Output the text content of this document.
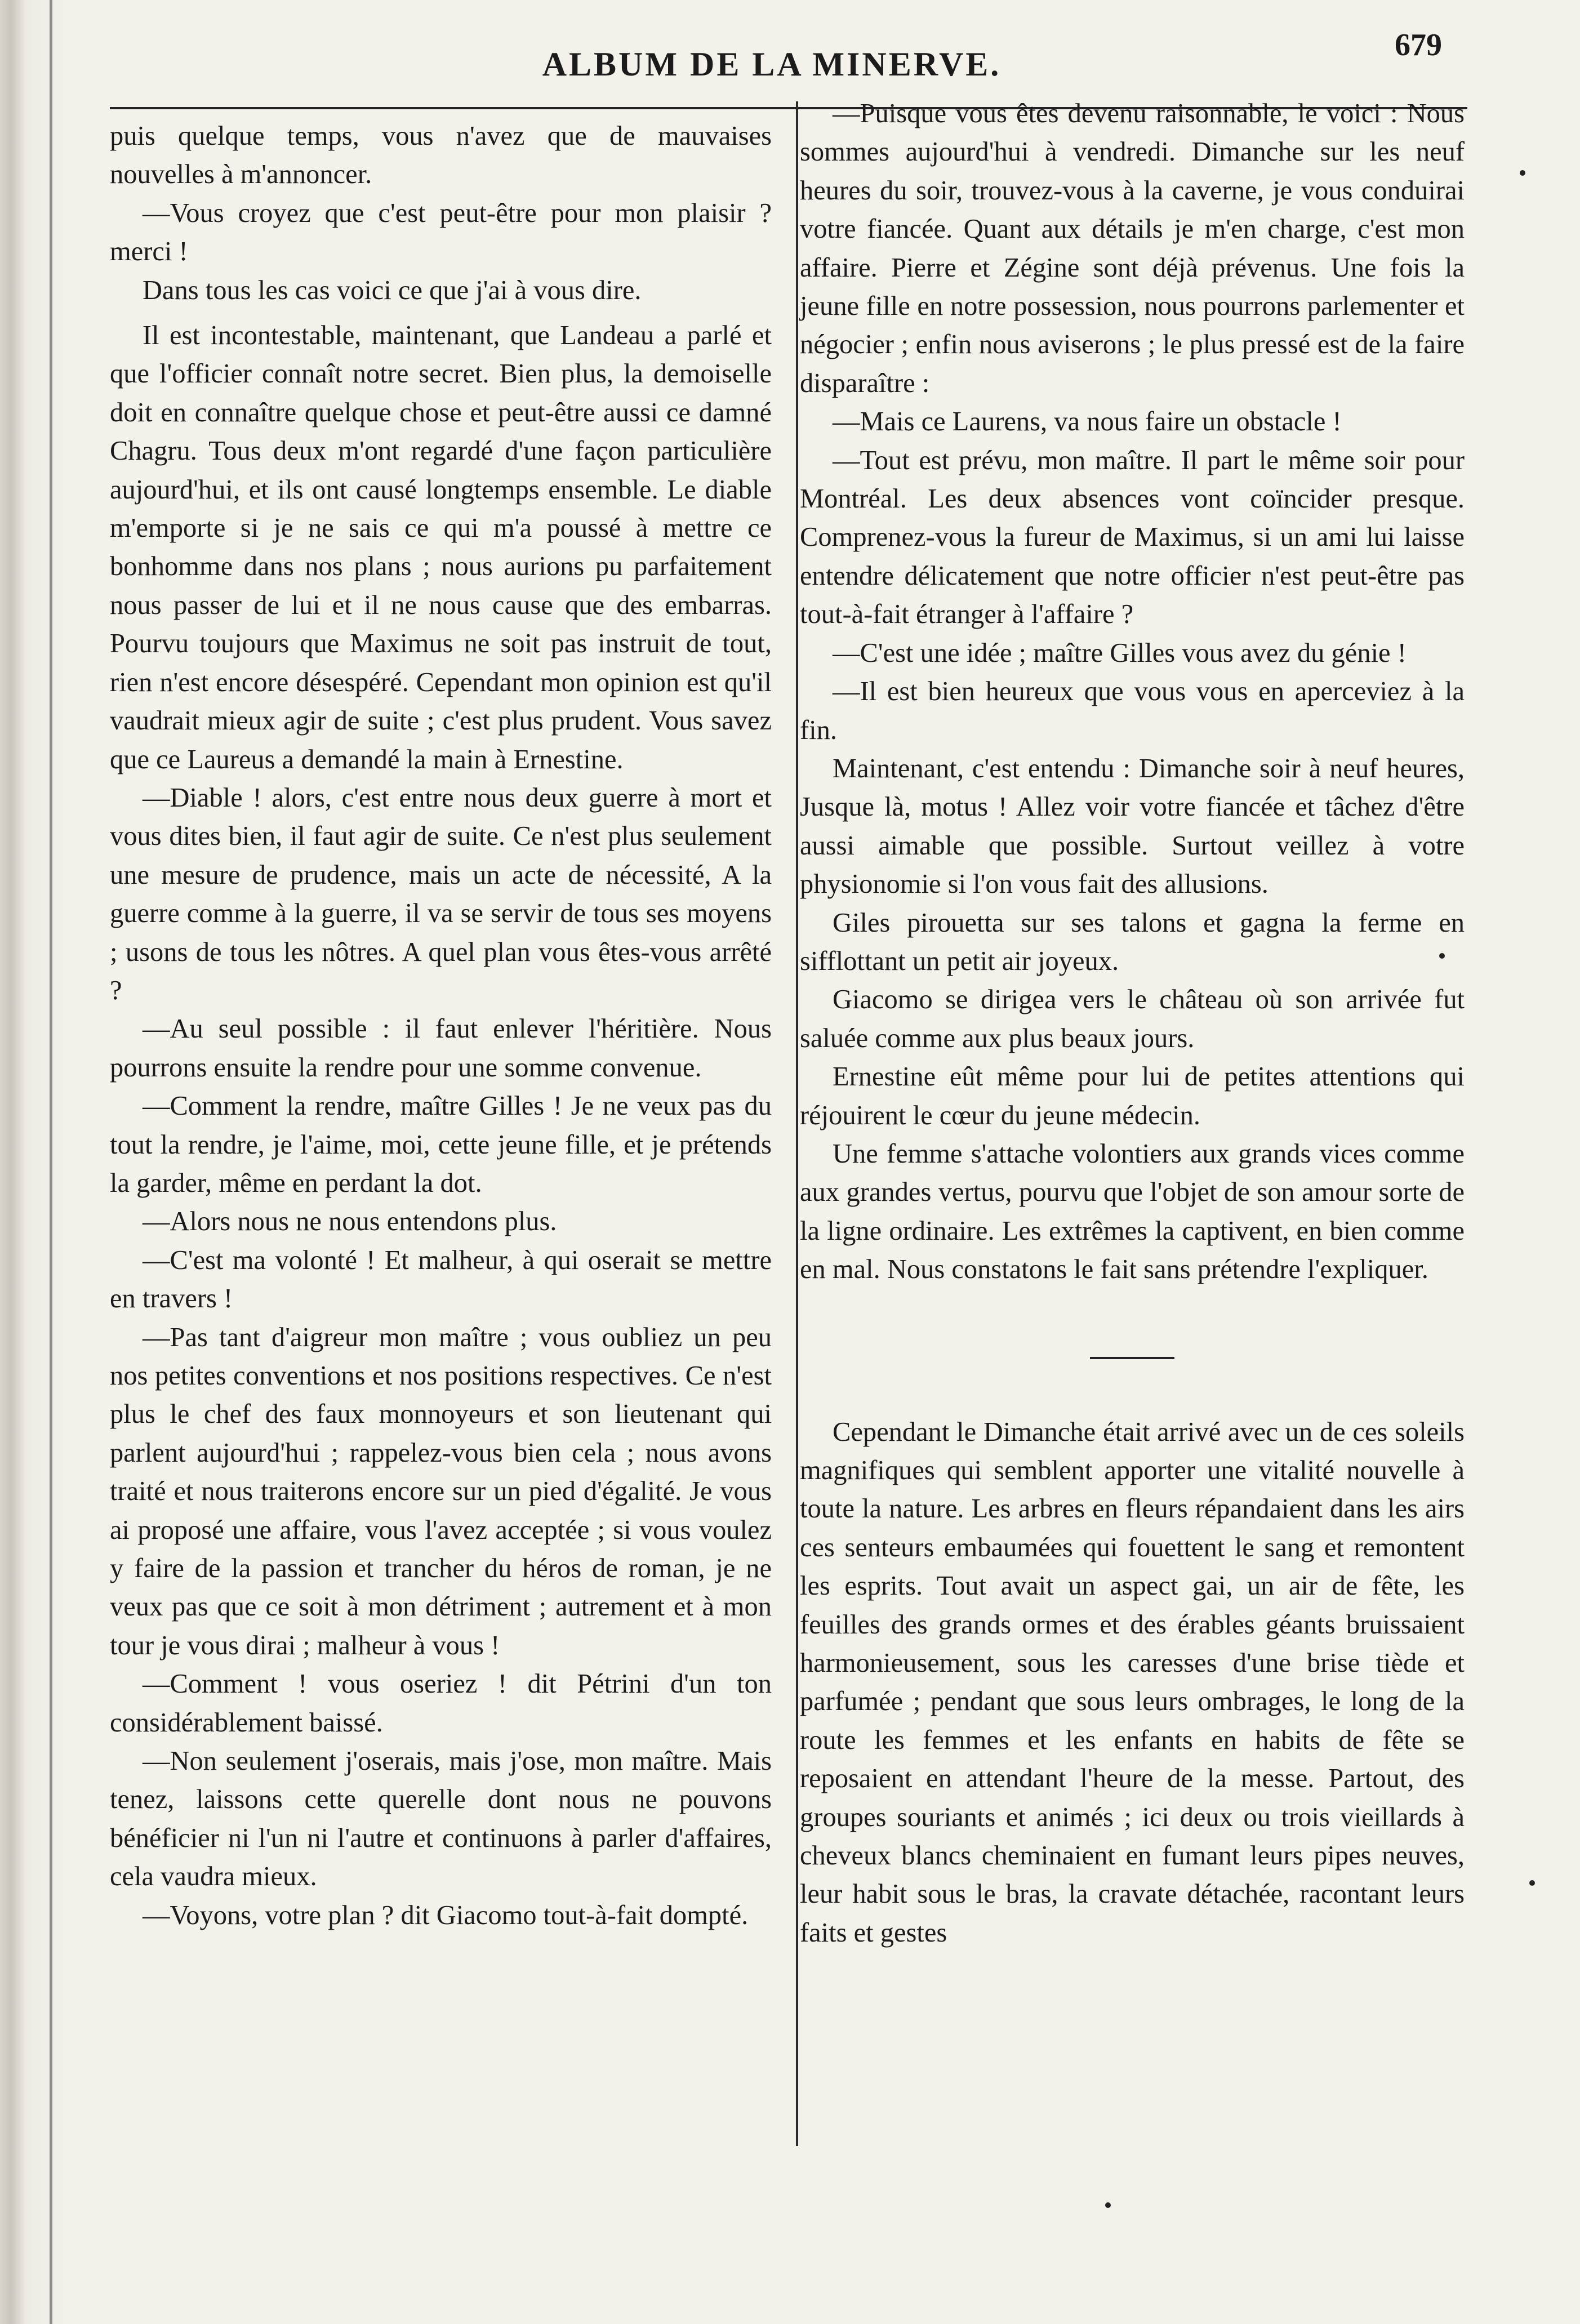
ALBUM DE LA MINERVE.
679

puis quelque temps, vous n'avez que de mauvaises nouvelles à m'annoncer.

—Vous croyez que c'est peut-être pour mon plaisir ? merci !

Dans tous les cas voici ce que j'ai à vous dire.

Il est incontestable, maintenant, que Landeau a parlé et que l'officier connaît notre secret. Bien plus, la demoiselle doit en connaître quelque chose et peut-être aussi ce damné Chagru. Tous deux m'ont regardé d'une façon particulière aujourd'hui, et ils ont causé longtemps ensemble. Le diable m'emporte si je ne sais ce qui m'a poussé à mettre ce bonhomme dans nos plans ; nous aurions pu parfaitement nous passer de lui et il ne nous cause que des embarras. Pourvu toujours que Maximus ne soit pas instruit de tout, rien n'est encore désespéré. Cependant mon opinion est qu'il vaudrait mieux agir de suite ; c'est plus prudent. Vous savez que ce Laureus a demandé la main à Ernestine.

—Diable ! alors, c'est entre nous deux guerre à mort et vous dites bien, il faut agir de suite. Ce n'est plus seulement une mesure de prudence, mais un acte de nécessité, A la guerre comme à la guerre, il va se servir de tous ses moyens ; usons de tous les nôtres. A quel plan vous êtes-vous arrêté ?

—Au seul possible : il faut enlever l'héritière. Nous pourrons ensuite la rendre pour une somme convenue.

—Comment la rendre, maître Gilles ! Je ne veux pas du tout la rendre, je l'aime, moi, cette jeune fille, et je prétends la garder, même en perdant la dot.

—Alors nous ne nous entendons plus.

—C'est ma volonté ! Et malheur, à qui oserait se mettre en travers !

—Pas tant d'aigreur mon maître ; vous oubliez un peu nos petites conventions et nos positions respectives. Ce n'est plus le chef des faux monnoyeurs et son lieutenant qui parlent aujourd'hui ; rappelez-vous bien cela ; nous avons traité et nous traiterons encore sur un pied d'égalité. Je vous ai proposé une affaire, vous l'avez acceptée ; si vous voulez y faire de la passion et trancher du héros de roman, je ne veux pas que ce soit à mon détriment ; autrement et à mon tour je vous dirai ; malheur à vous !

—Comment ! vous oseriez ! dit Pétrini d'un ton considérablement baissé.

—Non seulement j'oserais, mais j'ose, mon maître. Mais tenez, laissons cette querelle dont nous ne pouvons bénéficier ni l'un ni l'autre et continuons à parler d'affaires, cela vaudra mieux.

—Voyons, votre plan ? dit Giacomo tout-à-fait dompté.

—Puisque vous êtes devenu raisonnable, le voici : Nous sommes aujourd'hui à vendredi. Dimanche sur les neuf heures du soir, trouvez-vous à la caverne, je vous conduirai votre fiancée. Quant aux détails je m'en charge, c'est mon affaire. Pierre et Zégine sont déjà prévenus. Une fois la jeune fille en notre possession, nous pourrons parlementer et négocier ; enfin nous aviserons ; le plus pressé est de la faire disparaître :

—Mais ce Laurens, va nous faire un obstacle !

—Tout est prévu, mon maître. Il part le même soir pour Montréal. Les deux absences vont coïncider presque. Comprenez-vous la fureur de Maximus, si un ami lui laisse entendre délicatement que notre officier n'est peut-être pas tout-à-fait étranger à l'affaire ?

—C'est une idée ; maître Gilles vous avez du génie !

—Il est bien heureux que vous vous en aperceviez à la fin.

Maintenant, c'est entendu : Dimanche soir à neuf heures, Jusque là, motus ! Allez voir votre fiancée et tâchez d'être aussi aimable que possible. Surtout veillez à votre physionomie si l'on vous fait des allusions.

Giles pirouetta sur ses talons et gagna la ferme en sifflottant un petit air joyeux.

Giacomo se dirigea vers le château où son arrivée fut saluée comme aux plus beaux jours.

Ernestine eût même pour lui de petites attentions qui réjouirent le cœur du jeune médecin.

Une femme s'attache volontiers aux grands vices comme aux grandes vertus, pourvu que l'objet de son amour sorte de la ligne ordinaire. Les extrêmes la captivent, en bien comme en mal. Nous constatons le fait sans prétendre l'expliquer.

Cependant le Dimanche était arrivé avec un de ces soleils magnifiques qui semblent apporter une vitalité nouvelle à toute la nature. Les arbres en fleurs répandaient dans les airs ces senteurs embaumées qui fouettent le sang et remontent les esprits. Tout avait un aspect gai, un air de fête, les feuilles des grands ormes et des érables géants bruissaient harmonieusement, sous les caresses d'une brise tiède et parfumée ; pendant que sous leurs ombrages, le long de la route les femmes et les enfants en habits de fête se reposaient en attendant l'heure de la messe. Partout, des groupes souriants et animés ; ici deux ou trois vieillards à cheveux blancs cheminaient en fumant leurs pipes neuves, leur habit sous le bras, la cravate détachée, racontant leurs faits et gestes
